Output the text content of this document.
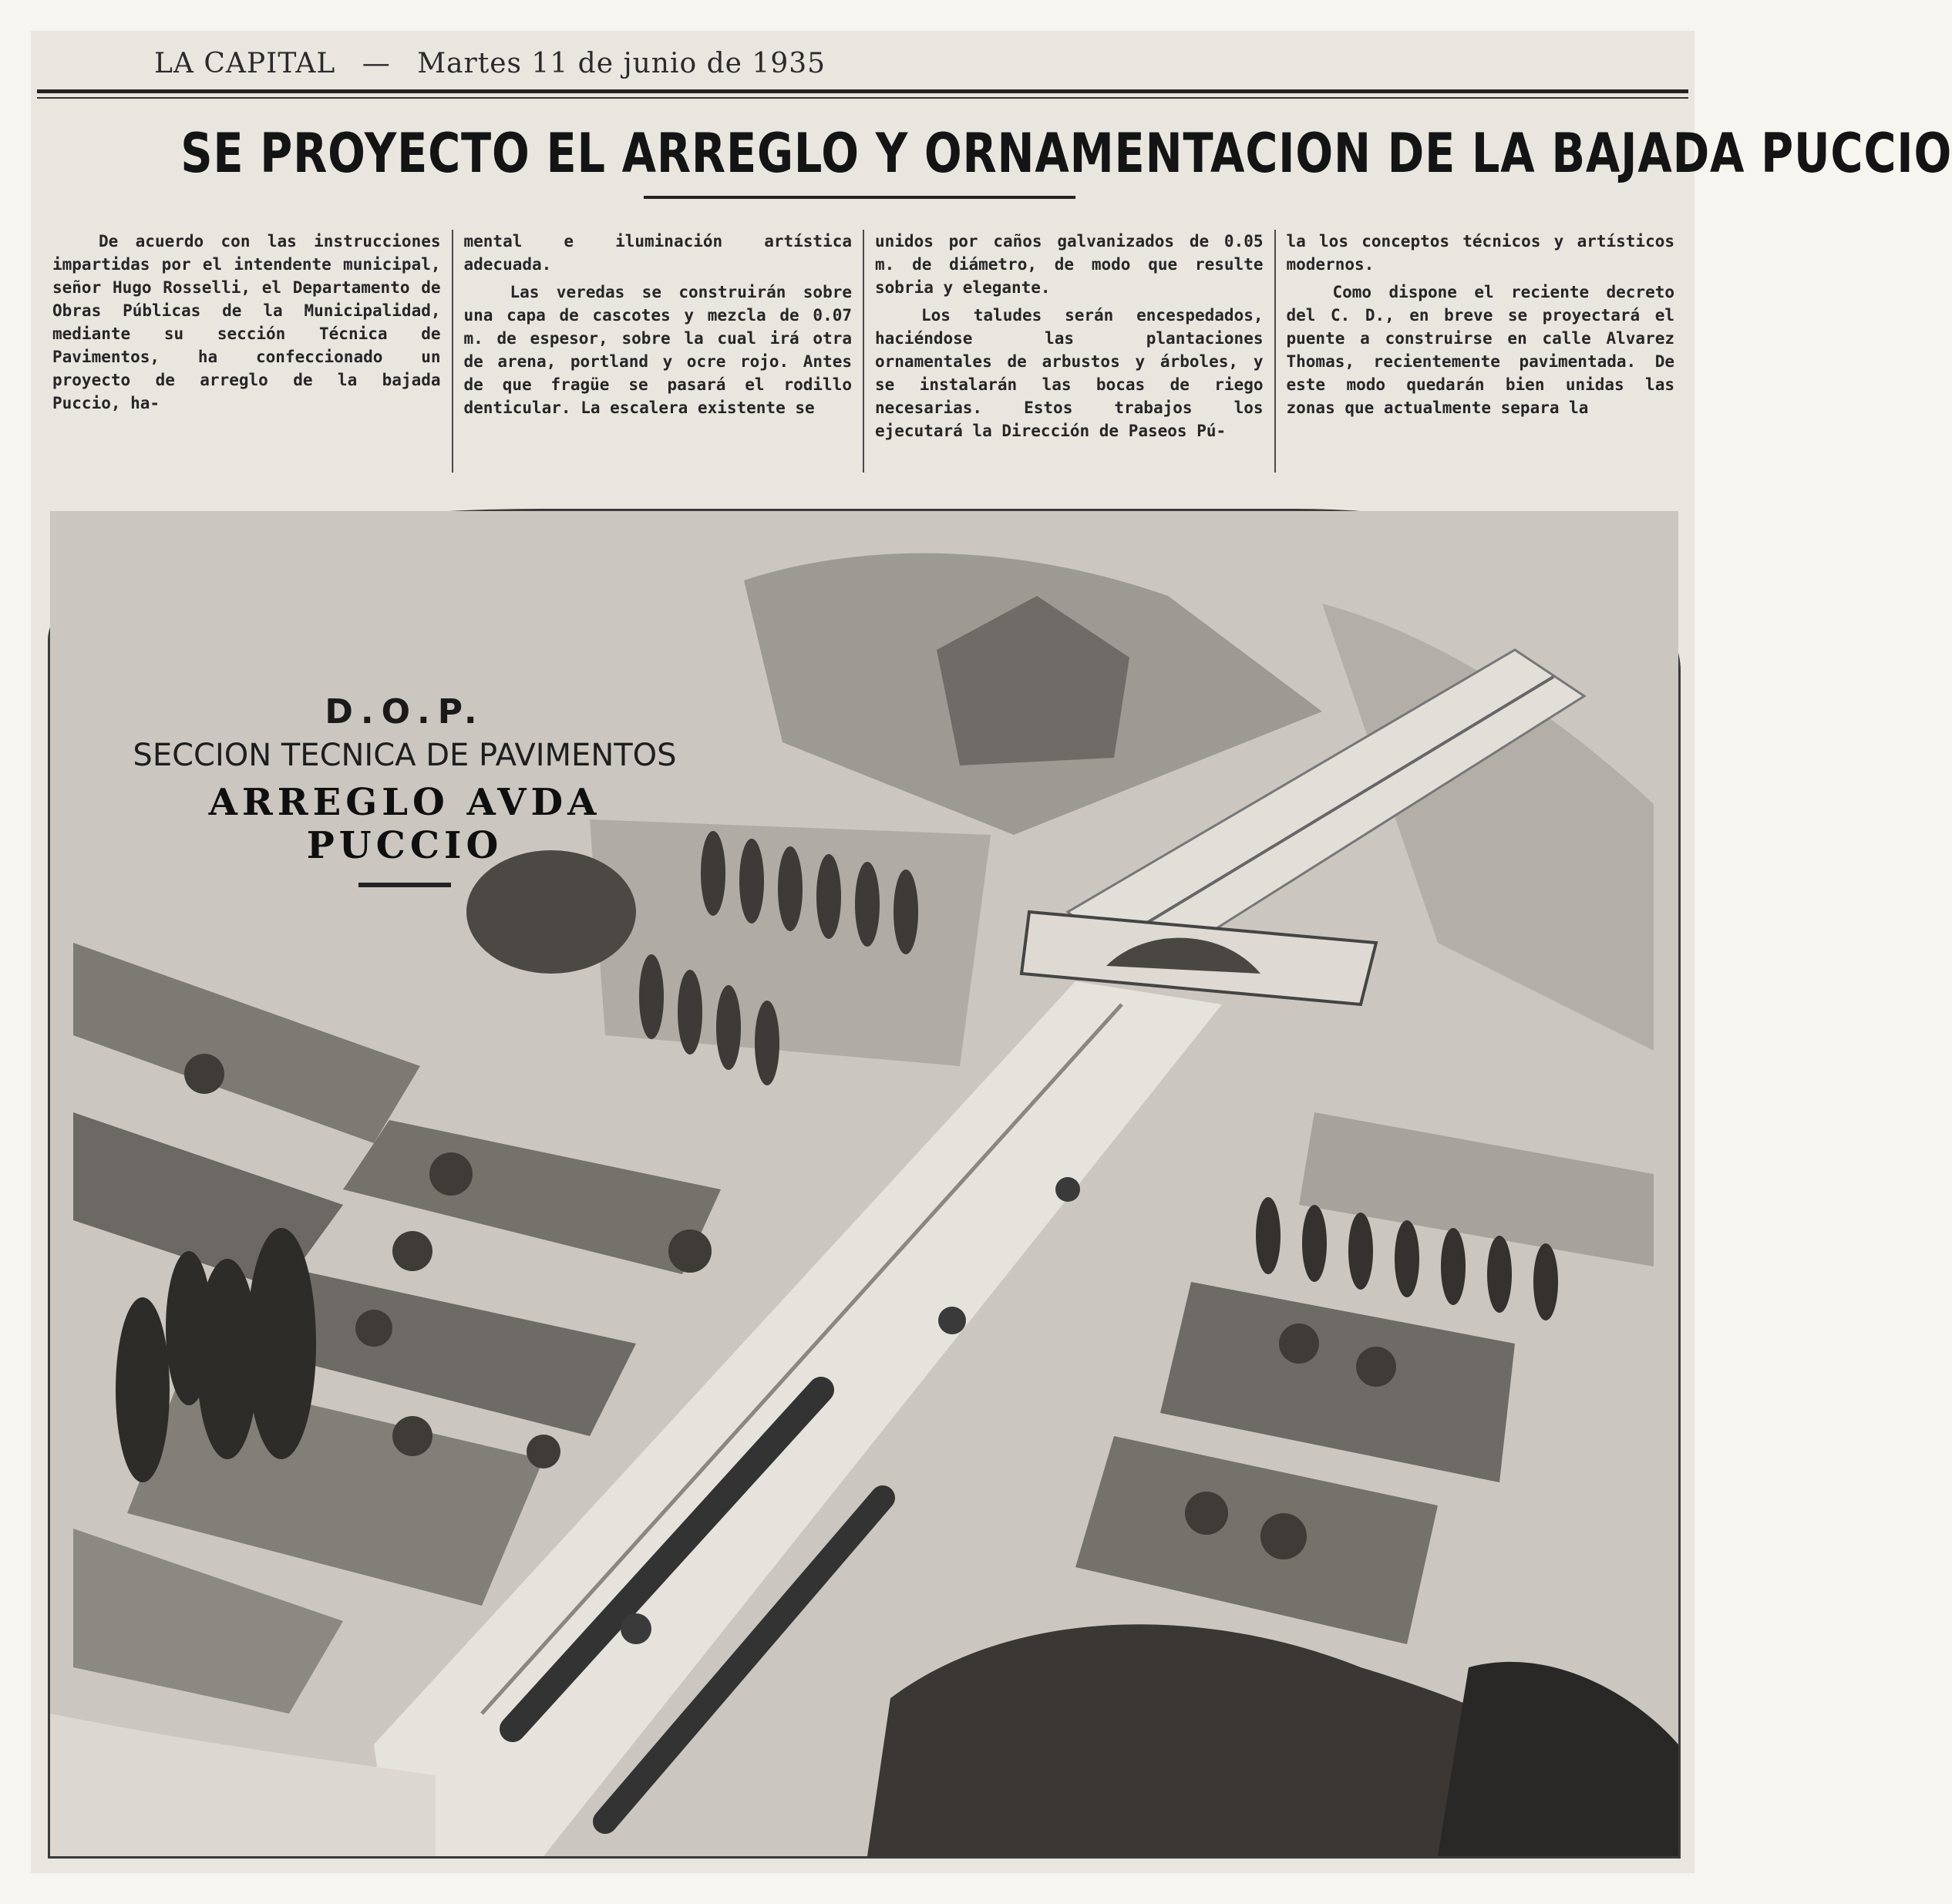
LA CAPITAL — Martes 11 de junio de 1935
SE PROYECTO EL ARREGLO Y ORNAMENTACION DE LA BAJADA PUCCIO

De acuerdo con las instrucciones impartidas por el intendente municipal, señor Hugo Rosselli, el Departamento de Obras Públicas de la Municipalidad, mediante su sección Técnica de Pavimentos, ha confeccionado un proyecto de arreglo de la bajada Puccio, ha-

mental e iluminación artística adecuada.

Las veredas se construirán sobre una capa de cascotes y mezcla de 0.07 m. de espesor, sobre la cual irá otra de arena, portland y ocre rojo. Antes de que fragüe se pasará el rodillo denticular. La escalera existente se

unidos por caños galvanizados de 0.05 m. de diámetro, de modo que resulte sobria y elegante.

Los taludes serán encespedados, haciéndose las plantaciones ornamentales de arbustos y árboles, y se instalarán las bocas de riego necesarias. Estos trabajos los ejecutará la Dirección de Paseos Pú-

la los conceptos técnicos y artísticos modernos.

Como dispone el reciente decreto del C. D., en breve se proyectará el puente a construirse en calle Alvarez Thomas, recientemente pavimentada. De este modo quedarán bien unidas las zonas que actualmente separa la

D.O.P.
SECCION TECNICA DE PAVIMENTOS
ARREGLO AVDA PUCCIO
